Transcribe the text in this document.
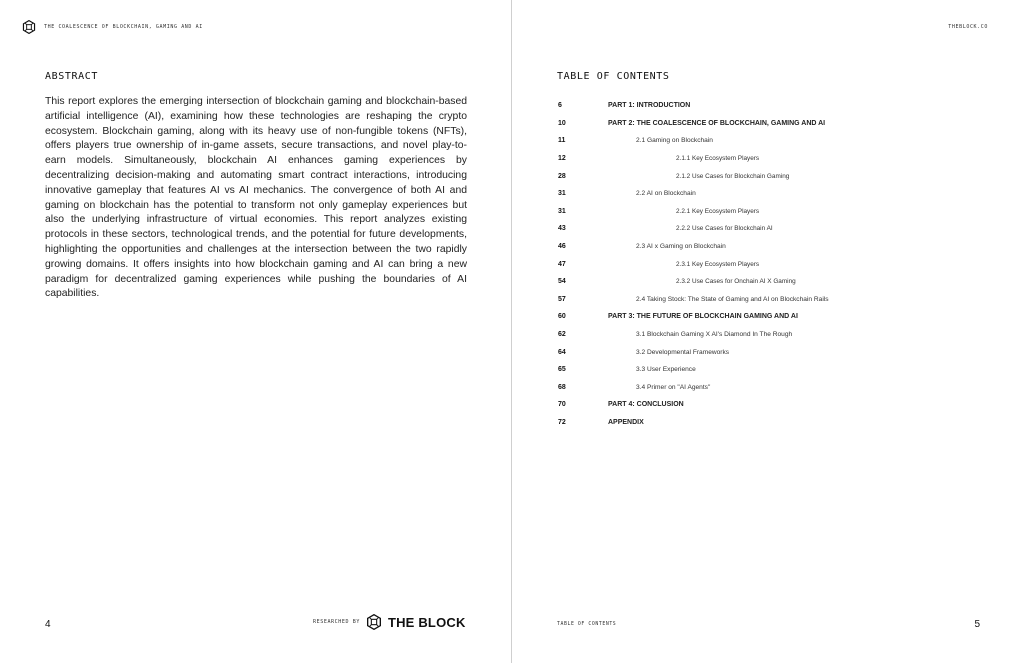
THE COALESCENCE OF BLOCKCHAIN, GAMING AND AI
ABSTRACT
This report explores the emerging intersection of blockchain gaming and blockchain-based artificial intelligence (AI), examining how these technologies are reshaping the crypto ecosystem. Blockchain gaming, along with its heavy use of non-fungible tokens (NFTs), offers players true ownership of in-game assets, secure transactions, and novel play-to-earn models. Simultaneously, blockchain AI enhances gaming experiences by decentralizing decision-making and automating smart contract interactions, introducing innovative gameplay that features AI vs AI mechanics. The convergence of both AI and gaming on blockchain has the potential to transform not only gameplay experiences but also the underlying infrastructure of virtual economies. This report analyzes existing protocols in these sectors, technological trends, and the potential for future developments, highlighting the opportunities and challenges at the intersection between the two rapidly growing domains. It offers insights into how blockchain gaming and AI can bring a new paradigm for decentralized gaming experiences while pushing the boundaries of AI capabilities.
4	RESEARCHED BY THE BLOCK
THEBLOCK.CO
TABLE OF CONTENTS
6	PART 1: INTRODUCTION
10	PART 2: THE COALESCENCE OF BLOCKCHAIN, GAMING AND AI
11	2.1 Gaming on Blockchain
12	2.1.1 Key Ecosystem Players
28	2.1.2 Use Cases for Blockchain Gaming
31	2.2 AI on Blockchain
31	2.2.1 Key Ecosystem Players
43	2.2.2 Use Cases for Blockchain AI
46	2.3 AI x Gaming on Blockchain
47	2.3.1 Key Ecosystem Players
54	2.3.2 Use Cases for Onchain AI X Gaming
57	2.4 Taking Stock: The State of Gaming and AI on Blockchain Rails
60	PART 3: THE FUTURE OF BLOCKCHAIN GAMING AND AI
62	3.1 Blockchain Gaming X AI's Diamond In The Rough
64	3.2 Developmental Frameworks
65	3.3 User Experience
68	3.4 Primer on "AI Agents"
70	PART 4: CONCLUSION
72	APPENDIX
TABLE OF CONTENTS	5
